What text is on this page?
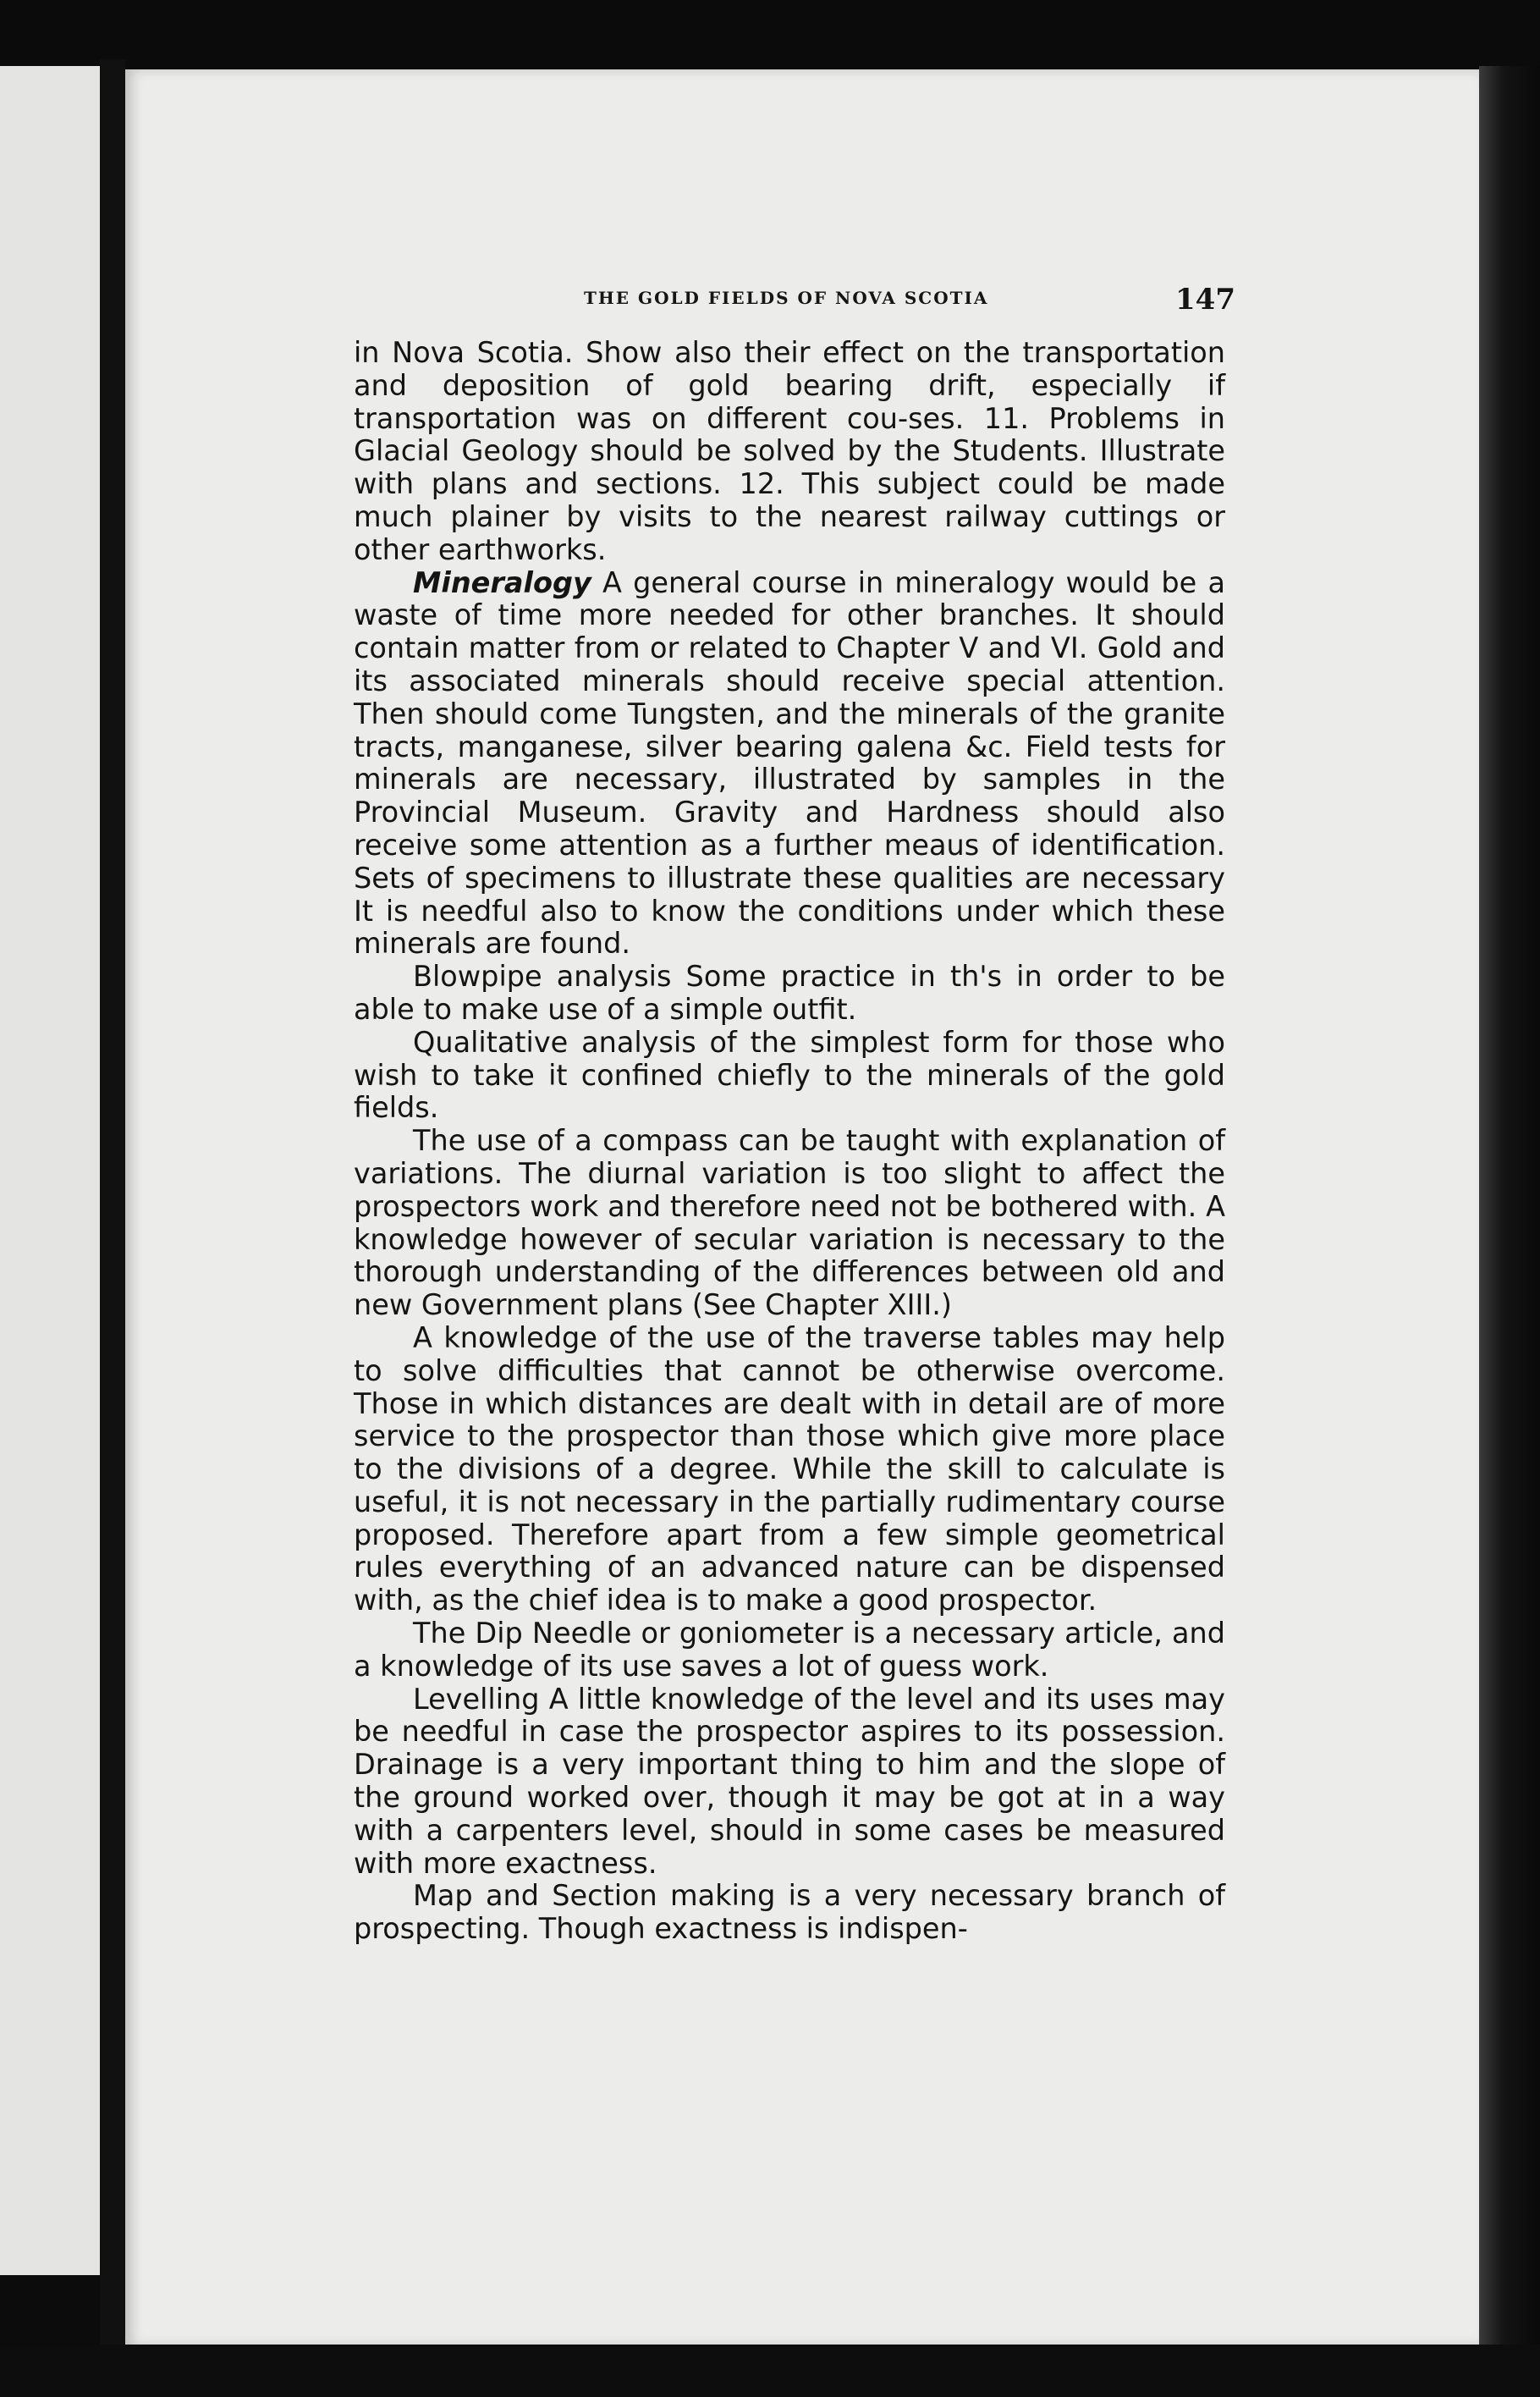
THE GOLD FIELDS OF NOVA SCOTIA	147

in Nova Scotia. Show also their effect on the transportation and deposition of gold bearing drift, especially if transportation was on different cou-ses. 11. Problems in Glacial Geology should be solved by the Students. Illustrate with plans and sections. 12. This subject could be made much plainer by visits to the nearest railway cuttings or other earthworks.

Mineralogy A general course in mineralogy would be a waste of time more needed for other branches. It should contain matter from or related to Chapter V and VI. Gold and its associated minerals should receive special attention. Then should come Tungsten, and the minerals of the granite tracts, manganese, silver bearing galena &c. Field tests for minerals are necessary, illustrated by samples in the Provincial Museum. Gravity and Hardness should also receive some attention as a further meaus of identification. Sets of specimens to illustrate these qualities are necessary It is needful also to know the conditions under which these minerals are found.

Blowpipe analysis Some practice in th's in order to be able to make use of a simple outfit.

Qualitative analysis of the simplest form for those who wish to take it confined chiefly to the minerals of the gold fields.

The use of a compass can be taught with explanation of variations. The diurnal variation is too slight to affect the prospectors work and therefore need not be bothered with. A knowledge however of secular variation is necessary to the thorough understanding of the differences between old and new Government plans (See Chapter XIII.)

A knowledge of the use of the traverse tables may help to solve difficulties that cannot be otherwise overcome. Those in which distances are dealt with in detail are of more service to the prospector than those which give more place to the divisions of a degree. While the skill to calculate is useful, it is not necessary in the partially rudimentary course proposed. Therefore apart from a few simple geometrical rules everything of an advanced nature can be dispensed with, as the chief idea is to make a good prospector.

The Dip Needle or goniometer is a necessary article, and a knowledge of its use saves a lot of guess work.

Levelling A little knowledge of the level and its uses may be needful in case the prospector aspires to its possession. Drainage is a very important thing to him and the slope of the ground worked over, though it may be got at in a way with a carpenters level, should in some cases be measured with more exactness.

Map and Section making is a very necessary branch of prospecting. Though exactness is indispen-
